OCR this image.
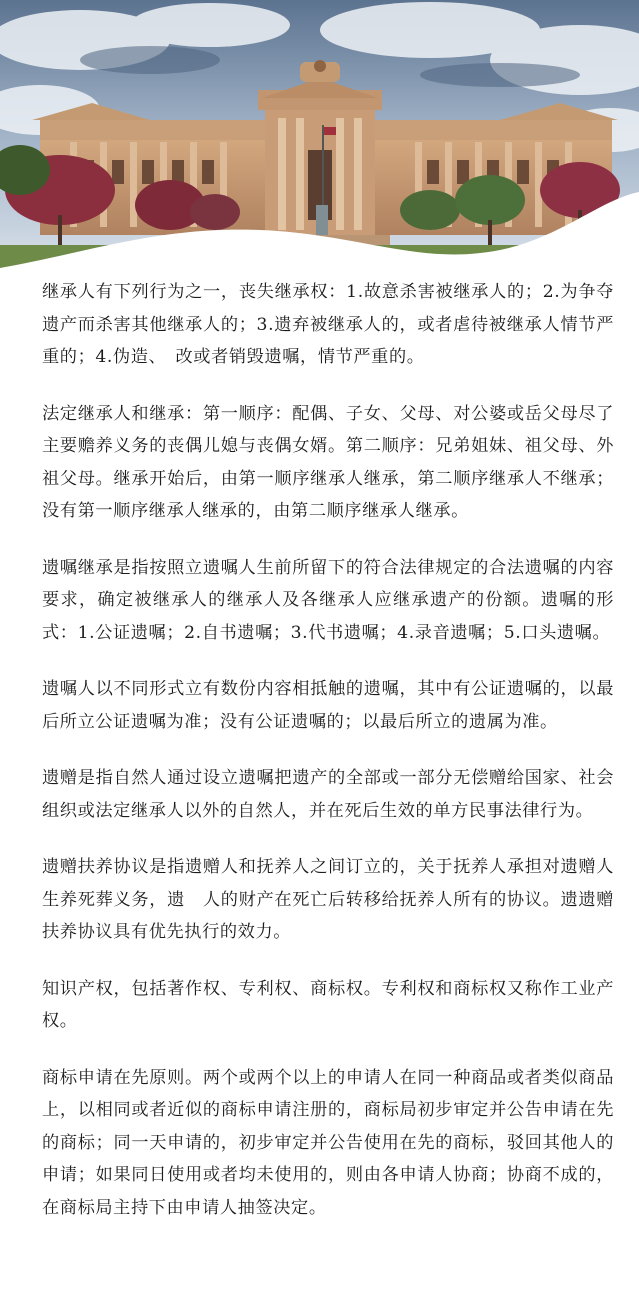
继承人有下列行为之一，丧失继承权：1.故意杀害被继承人的；2.为争夺遗产而杀害其他继承人的；3.遗弃被继承人的，或者虐待被继承人情节严重的；4.伪造、　改或者销毁遗嘱，情节严重的。

法定继承人和继承：第一顺序：配偶、子女、父母、对公婆或岳父母尽了主要赡养义务的丧偶儿媳与丧偶女婿。第二顺序：兄弟姐妹、祖父母、外祖父母。继承开始后，由第一顺序继承人继承，第二顺序继承人不继承；没有第一顺序继承人继承的，由第二顺序继承人继承。

遗嘱继承是指按照立遗嘱人生前所留下的符合法律规定的合法遗嘱的内容要求，确定被继承人的继承人及各继承人应继承遗产的份额。遗嘱的形式：1.公证遗嘱；2.自书遗嘱；3.代书遗嘱；4.录音遗嘱；5.口头遗嘱。

遗嘱人以不同形式立有数份内容相抵触的遗嘱，其中有公证遗嘱的，以最后所立公证遗嘱为准；没有公证遗嘱的；以最后所立的遗属为准。

遗赠是指自然人通过设立遗嘱把遗产的全部或一部分无偿赠给国家、社会组织或法定继承人以外的自然人，并在死后生效的单方民事法律行为。

遗赠扶养协议是指遗赠人和抚养人之间订立的，关于抚养人承担对遗赠人生养死葬义务，遗　人的财产在死亡后转移给抚养人所有的协议。遗遗赠扶养协议具有优先执行的效力。

知识产权，包括著作权、专利权、商标权。专利权和商标权又称作工业产权。

商标申请在先原则。两个或两个以上的申请人在同一种商品或者类似商品上，以相同或者近似的商标申请注册的，商标局初步审定并公告申请在先的商标；同一天申请的，初步审定并公告使用在先的商标，驳回其他人的申请；如果同日使用或者均未使用的，则由各申请人协商；协商不成的，在商标局主持下由申请人抽签决定。
